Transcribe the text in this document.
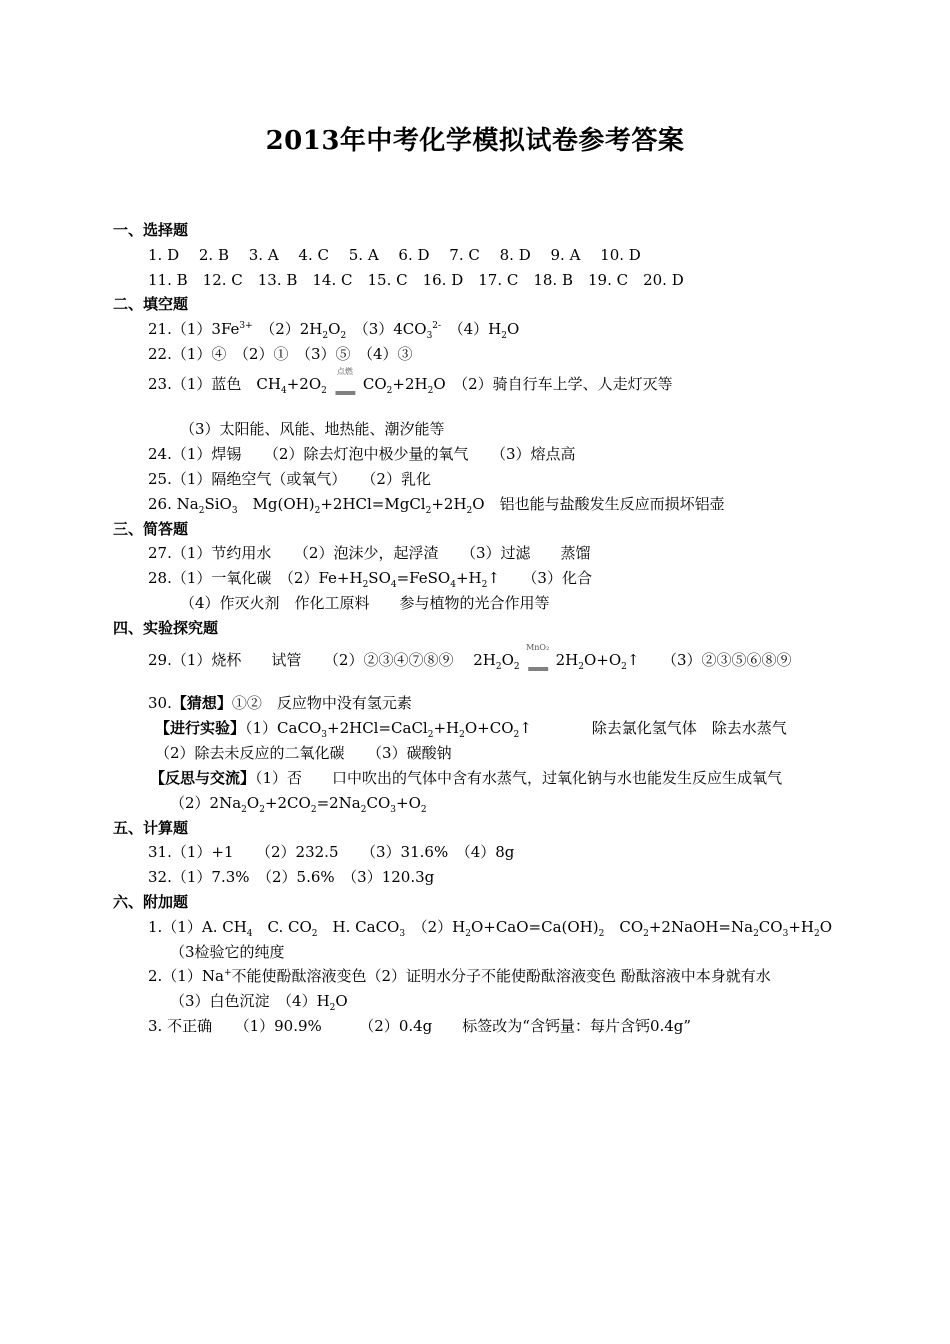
2013年中考化学模拟试卷参考答案
一、选择题
1. D　 2. B　 3. A　 4. C　 5. A　 6. D　 7. C　 8. D　 9. A　 10. D
11. B　12. C　13. B　14. C　15. C　16. D　17. C　18. B　19. C　20. D
二、填空题
$21.(1)3Fe^{3+}$　 $(2)2H_2O_2$　 $(3)4CO_3^{2-}$　 $(4)H_2O$
22.（1）④　（2）①　（3）⑤　（4）③
23.（1）蓝色　$CH_4+2O_2$
点燃
═══ $CO_2+2H_2O$　（2）骑自行车上学、人走灯灭等
（3）太阳能、风能、地热能、潮汐能等
24.（1）焊锡　　（2）除去灯泡中极少量的氧气　　（3）熔点高
25.（1）隔绝空气（或氧气）　　（2）乳化
26. $Na_2SiO_3$　$Mg(OH)_2+2HCl=MgCl_2+2H_2O$　铝也能与盐酸发生反应而损坏铝壶
三、简答题
27.（1）节约用水　　（2）泡沫少，起浮渣　　（3）过滤　　蒸馏
28.（1）一氧化碳　$(2)Fe+H_2SO_4=FeSO_4+H_2↑$　　（3）化合
（4）作灭火剂　作化工原料　　参与植物的光合作用等
四、实验探究题
29.（1）烧杯　　试管　　（2）②③④⑦⑧⑨　 $2H_2O_2$
MnO₂
═══ $2H_2O+O_2↑$　　（3）②③⑤⑥⑧⑨
30.【猜想】①②　反应物中没有氢元素
【进行实验】$(1)CaCO_3+2HCl=CaCl_2+H_2O+CO_2↑$　　　　除去氯化氢气体　除去水蒸气
（2）除去未反应的二氧化碳　　（3）碳酸钠
【反思与交流】（1）否　　口中吹出的气体中含有水蒸气，过氧化钠与水也能发生反应生成氧气
$(2)2Na_2O_2+2CO_2=2Na_2CO_3+O_2$
五、计算题
31.（1）+1　　（2）232.5　　（3）31.6%　（4）8g
32.（1）7.3%　（2）5.6%　（3）120.3g
六、附加题
1.（1）A. $CH_4$　C. $CO_2$　H. CaCO$_3$　 $(2)H_2O+CaO=Ca(OH)_2$　$CO_2+2NaOH=Na_2CO_3+H_2O$
（3检验它的纯度
2.（1）Na+不能使酚酞溶液变色（2）证明水分子不能使酚酞溶液变色 酚酞溶液中本身就有水
（3）白色沉淀　$(4)H_2O$
3. 不正确　　（1）90.9%　　　（2）0.4g　　标签改为“含钙量：每片含钙0.4g”
